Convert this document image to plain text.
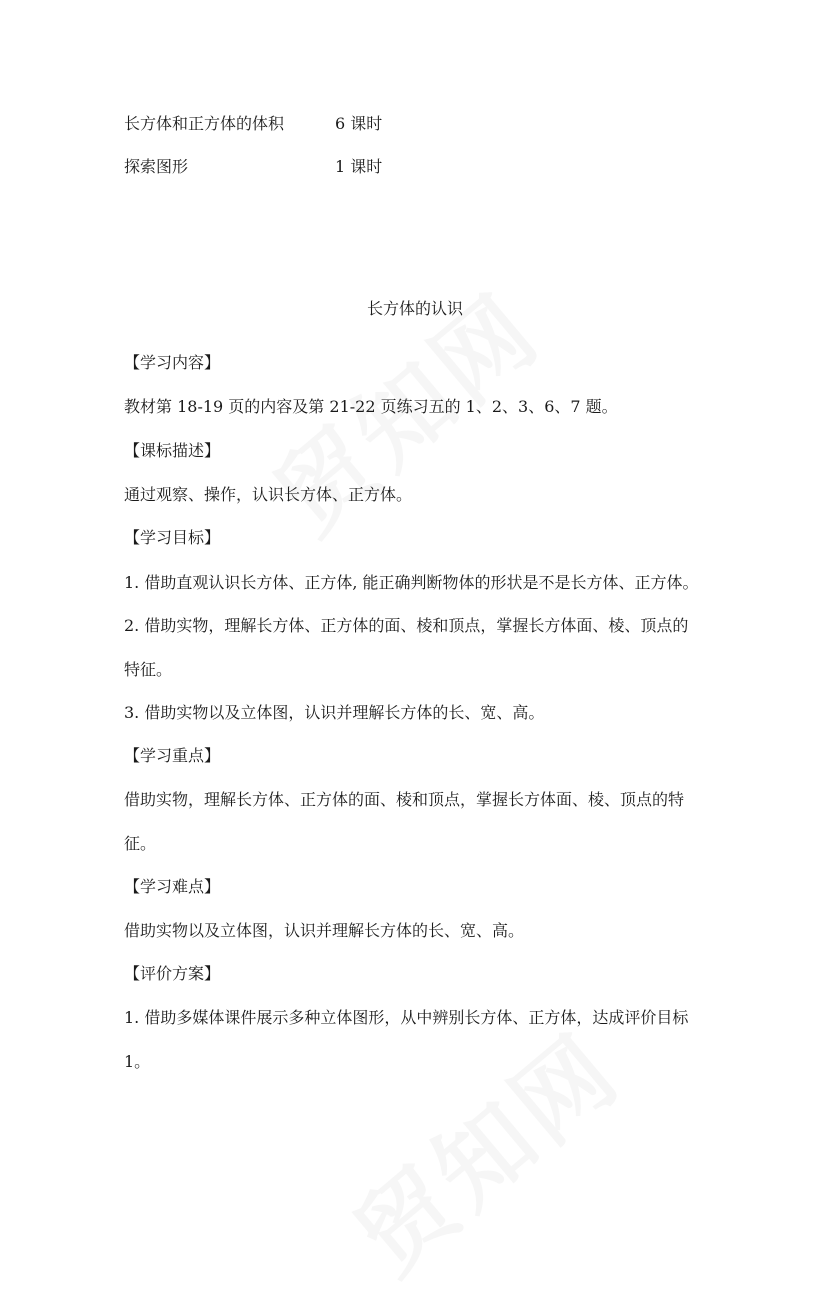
长方体和正方体的体积	6 课时
探索图形	1 课时
长方体的认识
【学习内容】
教材第 18-19 页的内容及第 21-22 页练习五的 1、2、3、6、7 题。
【课标描述】
通过观察、操作，认识长方体、正方体。
【学习目标】
1. 借助直观认识长方体、正方体, 能正确判断物体的形状是不是长方体、正方体。
2. 借助实物，理解长方体、正方体的面、棱和顶点，掌握长方体面、棱、顶点的
特征。
3. 借助实物以及立体图，认识并理解长方体的长、宽、高。
【学习重点】
借助实物，理解长方体、正方体的面、棱和顶点，掌握长方体面、棱、顶点的特
征。
【学习难点】
借助实物以及立体图，认识并理解长方体的长、宽、高。
【评价方案】
1. 借助多媒体课件展示多种立体图形，从中辨别长方体、正方体，达成评价目标
1。
